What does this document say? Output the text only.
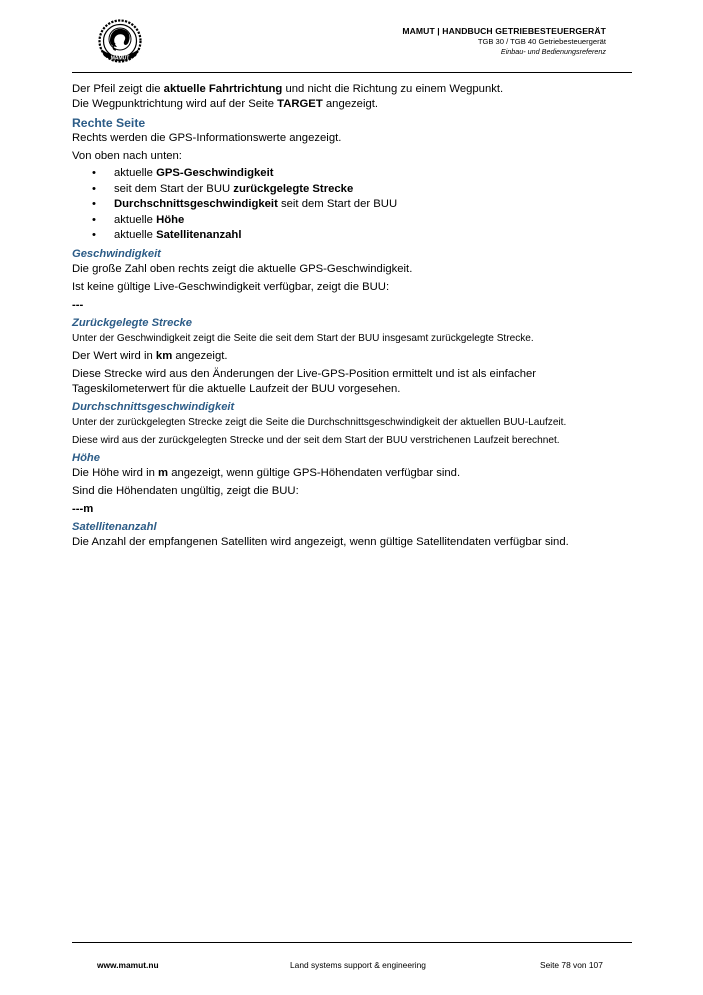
MAMUT
MAMUT | HANDBUCH GETRIEBESTEUERGERÄT
TGB 30 / TGB 40 Getriebesteuergerät
Einbau- und Bedienungsreferenz

Der Pfeil zeigt die aktuelle Fahrtrichtung und nicht die Richtung zu einem Wegpunkt.

Die Wegpunktrichtung wird auf der Seite TARGET angezeigt.

Rechte Seite

Rechts werden die GPS-Informationswerte angezeigt.

Von oben nach unten:

• aktuelle GPS-Geschwindigkeit
• seit dem Start der BUU zurückgelegte Strecke
• Durchschnittsgeschwindigkeit seit dem Start der BUU
• aktuelle Höhe
• aktuelle Satellitenanzahl
Geschwindigkeit

Die große Zahl oben rechts zeigt die aktuelle GPS-Geschwindigkeit.

Ist keine gültige Live-Geschwindigkeit verfügbar, zeigt die BUU:

---

Zurückgelegte Strecke

Unter der Geschwindigkeit zeigt die Seite die seit dem Start der BUU insgesamt zurückgelegte Strecke.

Der Wert wird in km angezeigt.

Diese Strecke wird aus den Änderungen der Live-GPS-Position ermittelt und ist als einfacher Tageskilometerwert für die aktuelle Laufzeit der BUU vorgesehen.

Durchschnittsgeschwindigkeit

Unter der zurückgelegten Strecke zeigt die Seite die Durchschnittsgeschwindigkeit der aktuellen BUU-Laufzeit.

Diese wird aus der zurückgelegten Strecke und der seit dem Start der BUU verstrichenen Laufzeit berechnet.

Höhe

Die Höhe wird in m angezeigt, wenn gültige GPS-Höhendaten verfügbar sind.

Sind die Höhendaten ungültig, zeigt die BUU:

---m

Satellitenanzahl

Die Anzahl der empfangenen Satelliten wird angezeigt, wenn gültige Satellitendaten verfügbar sind.

www.mamut.nu	Land systems support & engineering	Seite 78 von 107
